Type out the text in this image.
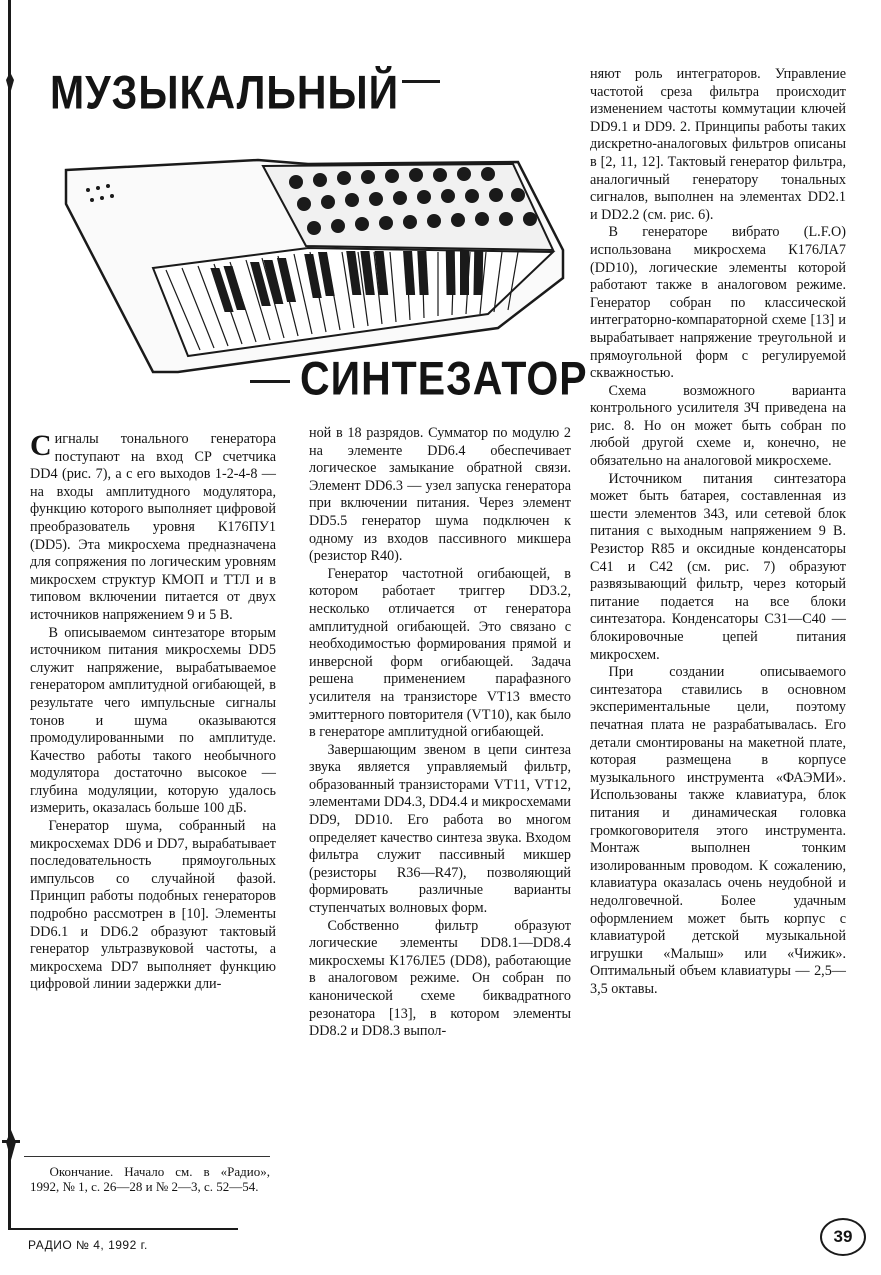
МУЗЫКАЛЬНЫЙ
СИНТЕЗАТОР

Сигналы тонального генератора поступают на вход CP счетчика DD4 (рис. 7), а с его выходов 1-2-4-8 — на входы амплитудного модулятора, функцию которого выполняет цифровой преобразователь уровня К176ПУ1 (DD5). Эта микросхема предназначена для сопряжения по логическим уровням микросхем структур КМОП и ТТЛ и в типовом включении питается от двух источников напряжением 9 и 5 В.

В описываемом синтезаторе вторым источником питания микросхемы DD5 служит напряжение, вырабатываемое генератором амплитудной огибающей, в результате чего импульсные сигналы тонов и шума оказываются промодулированными по амплитуде. Качество работы такого необычного модулятора достаточно высокое — глубина модуляции, которую удалось измерить, оказалась больше 100 дБ.

Генератор шума, собранный на микросхемах DD6 и DD7, вырабатывает последовательность прямоугольных импульсов со случайной фазой. Принцип работы подобных генераторов подробно рассмотрен в [10]. Элементы DD6.1 и DD6.2 образуют тактовый генератор ультразвуковой частоты, а микросхема DD7 выполняет функцию цифровой линии задержки дли-

ной в 18 разрядов. Сумматор по модулю 2 на элементе DD6.4 обеспечивает логическое замыкание обратной связи. Элемент DD6.3 — узел запуска генератора при включении питания. Через элемент DD5.5 генератор шума подключен к одному из входов пассивного микшера (резистор R40).

Генератор частотной огибающей, в котором работает триггер DD3.2, несколько отличается от генератора амплитудной огибающей. Это связано с необходимостью формирования прямой и инверсной форм огибающей. Задача решена применением парафазного усилителя на транзисторе VT13 вместо эмиттерного повторителя (VT10), как было в генераторе амплитудной огибающей.

Завершающим звеном в цепи синтеза звука является управляемый фильтр, образованный транзисторами VT11, VT12, элементами DD4.3, DD4.4 и микросхемами DD9, DD10. Его работа во многом определяет качество синтеза звука. Входом фильтра служит пассивный микшер (резисторы R36—R47), позволяющий формировать различные варианты ступенчатых волновых форм.

Собственно фильтр образуют логические элементы DD8.1—DD8.4 микросхемы К176ЛЕ5 (DD8), работающие в аналоговом режиме. Он собран по канонической схеме биквадратного резонатора [13], в котором элементы DD8.2 и DD8.3 выпол-

няют роль интеграторов. Управление частотой среза фильтра происходит изменением частоты коммутации ключей DD9.1 и DD9. 2. Принципы работы таких дискретно-аналоговых фильтров описаны в [2, 11, 12]. Тактовый генератор фильтра, аналогичный генератору тональных сигналов, выполнен на элементах DD2.1 и DD2.2 (см. рис. 6).

В генераторе вибрато (L.F.O) использована микросхема К176ЛА7 (DD10), логические элементы которой работают также в аналоговом режиме. Генератор собран по классической интегратoрно-компараторной схеме [13] и вырабатывает напряжение треугольной и прямоугольной форм с регулируемой скважностью.

Схема возможного варианта контрольного усилителя ЗЧ приведена на рис. 8. Но он может быть собран по любой другой схеме и, конечно, не обязательно на аналоговой микросхеме.

Источником питания синтезатора может быть батарея, составленная из шести элементов 343, или сетевой блок питания с выходным напряжением 9 В. Резистор R85 и оксидные конденсаторы C41 и C42 (см. рис. 7) образуют развязывающий фильтр, через который питание подается на все блоки синтезатора. Конденсаторы C31—C40 — блокировочные цепей питания микросхем.

При создании описываемого синтезатора ставились в основном экспериментальные цели, поэтому печатная плата не разрабатывалась. Его детали смонтированы на макетной плате, которая размещена в корпусе музыкального инструмента «ФАЭМИ». Использованы также клавиатура, блок питания и динамическая головка громкоговорителя этого инструмента. Монтаж выполнен тонким изолированным проводом. К сожалению, клавиатура оказалась очень неудобной и недолговечной. Более удачным оформлением может быть корпус с клавиатурой детской музыкальной игрушки «Малыш» или «Чижик». Оптимальный объем клавиатуры — 2,5—3,5 октавы.

Окончание. Начало см. в «Радио», 1992, № 1, с. 26—28 и № 2—3, с. 52—54.

РАДИО № 4, 1992 г.	39
